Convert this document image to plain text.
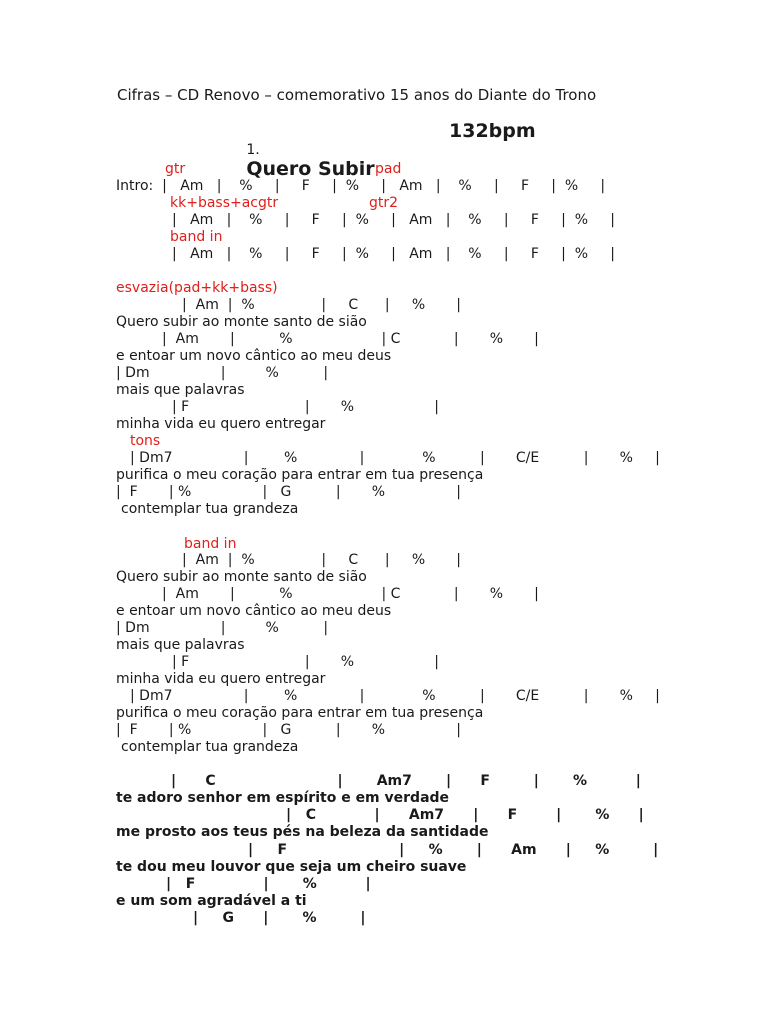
Cifras – CD Renovo – comemorativo 15 anos do Diante do Trono

1.
Quero Subir

132bpm

gtr	pad
Intro:  |   Am   |    %     |     F     |  %     |   Am   |    %     |     F     |  %     |
kk+bass+acgtr	gtr2
|   Am   |    %     |     F     |  %     |   Am   |    %     |     F     |  %     |
band in
|   Am   |    %     |     F     |  %     |   Am   |    %     |     F     |  %     |
esvazia(pad+kk+bass)
|  Am  |  %               |     C      |     %       |
Quero subir ao monte santo de sião
|  Am       |          %                    | C            |       %       |
e entoar um novo cântico ao meu deus
| Dm                |         %          |
mais que palavras
| F                          |       %                  |
minha vida eu quero entregar
tons
| Dm7                |        %              |             %          |       C/E          |       %     |
purifica o meu coração para entrar em tua presença
|  F       | %                |   G          |       %                |
contemplar tua grandeza
band in
|  Am  |  %               |     C      |     %       |
Quero subir ao monte santo de sião
|  Am       |          %                    | C            |       %       |
e entoar um novo cântico ao meu deus
| Dm                |         %          |
mais que palavras
| F                          |       %                  |
minha vida eu quero entregar
| Dm7                |        %              |             %          |       C/E          |       %     |
purifica o meu coração para entrar em tua presença
|  F       | %                |   G          |       %                |
contemplar tua grandeza
|      C                         |       Am7       |      F         |       %          |
te adoro senhor em espírito e em verdade
|   C            |      Am7      |      F        |       %      |
me prosto aos teus pés na beleza da santidade
|     F                       |     %       |      Am      |     %         |
te dou meu louvor que seja um cheiro suave
|   F              |       %          |
e um som agradável a ti
|     G      |       %         |
